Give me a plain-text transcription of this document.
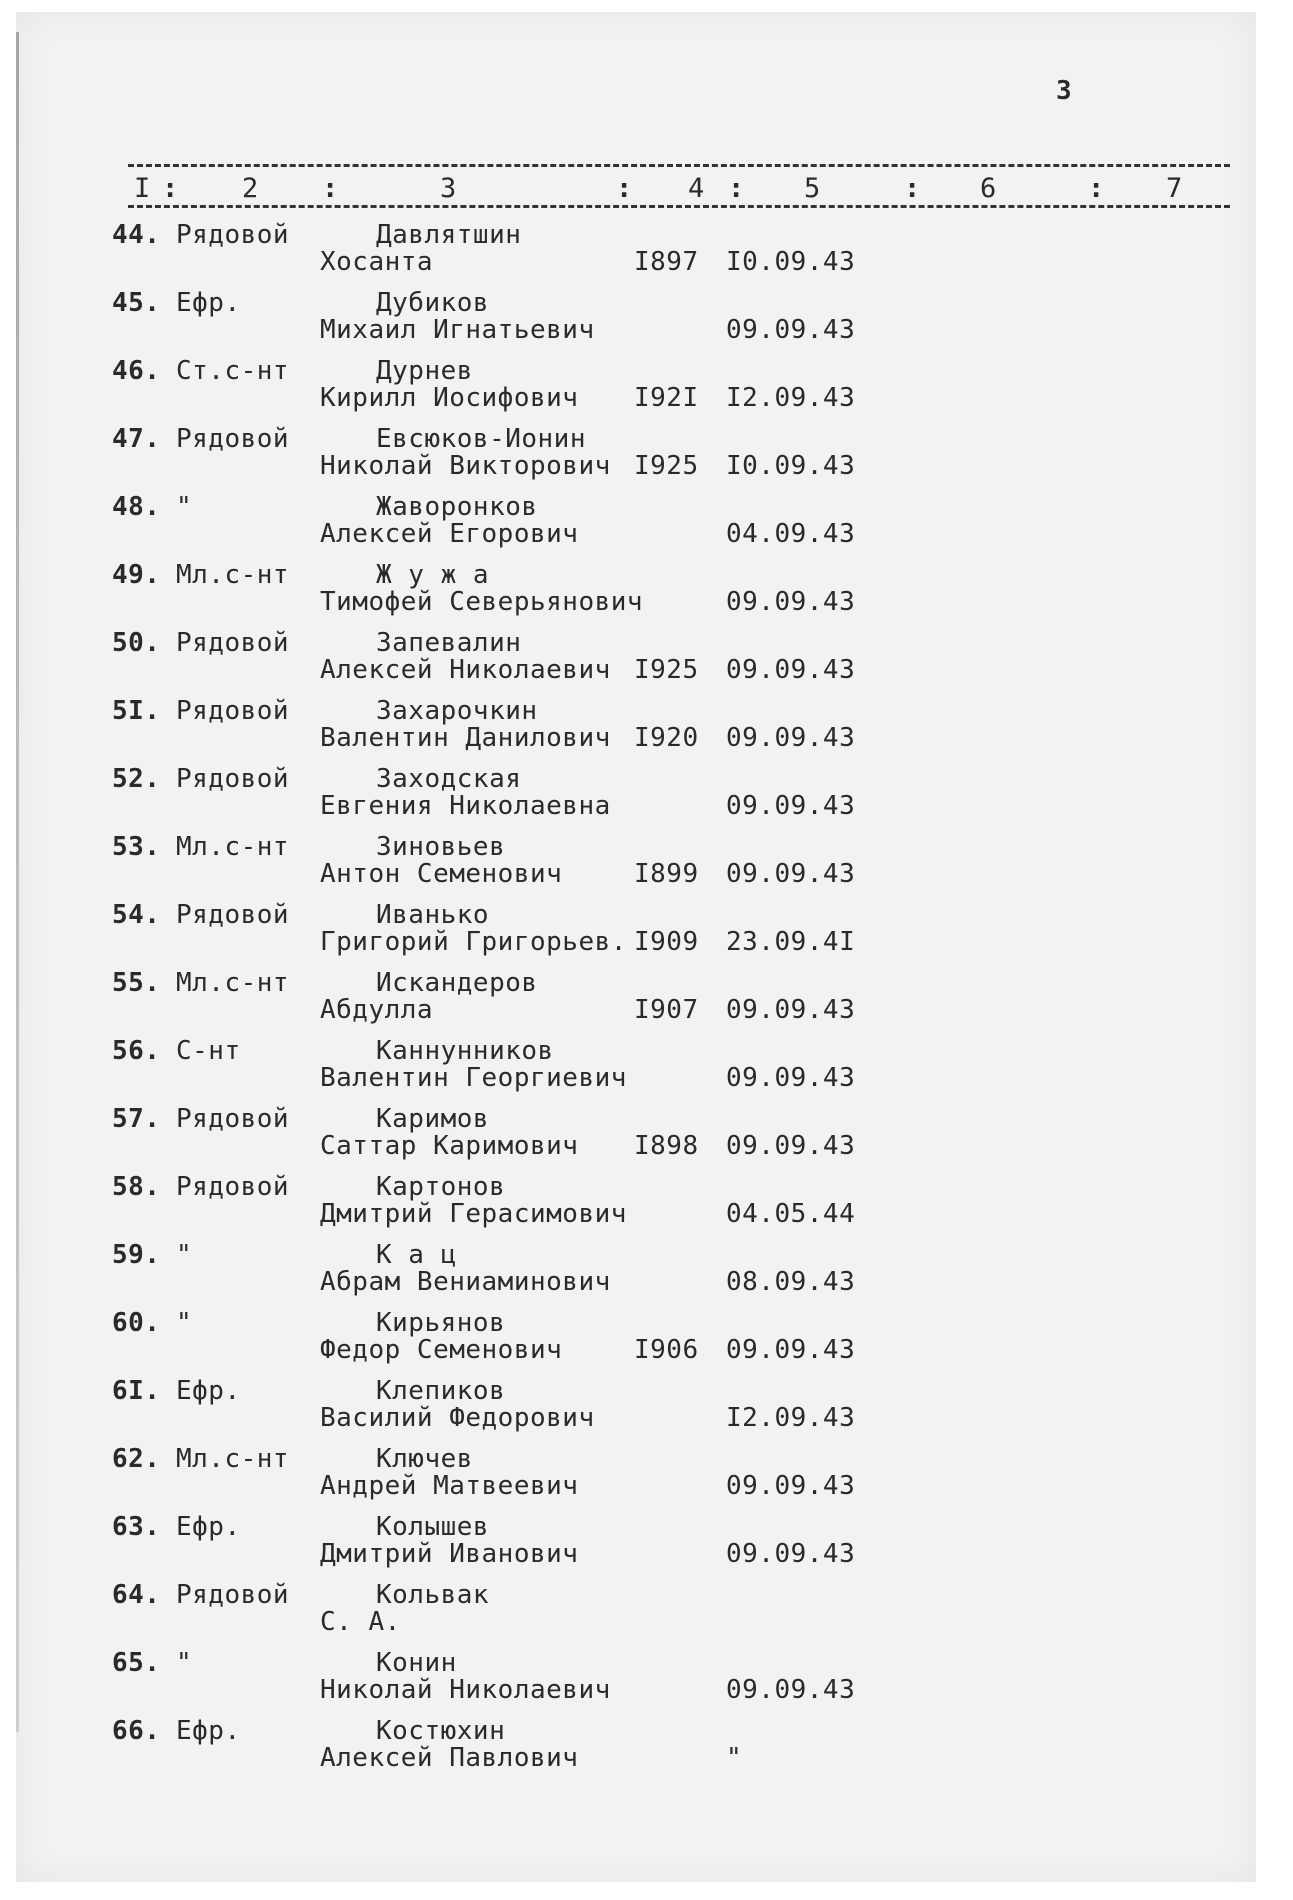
3
I : 2 :	3	: 4 : 5	: 6	: 7
44. Рядовой	Давлятшин
Хосанта	I897 I0.09.43
45. Ефр.	Дубиков
Михаил Игнатьевич	09.09.43
46. Ст.с-нт	Дурнев
Кирилл Иосифович I92I I2.09.43
47. Рядовой	Евсюков-Ионин
Николай Викторович I925 I0.09.43
48. "	Жаворонков
Алексей Егорович	04.09.43
49. Мл.с-нт	Ж у ж а
Тимофей Северьянович	09.09.43
50. Рядовой	Запевалин
Алексей Николаевич I925 09.09.43
5I. Рядовой	Захарочкин
Валентин Данилович I920 09.09.43
52. Рядовой	Заходская
Евгения Николаевна	09.09.43
53. Мл.с-нт	Зиновьев
Антон Семенович	I899 09.09.43
54. Рядовой	Иванько
Григорий Григорьев. I909 23.09.4I
55. Мл.с-нт	Искандеров
Абдулла	I907 09.09.43
56. С-нт	Каннунников
Валентин Георгиевич	09.09.43
57. Рядовой	Каримов
Саттар Каримович I898 09.09.43
58. Рядовой	Картонов
Дмитрий Герасимович	04.05.44
59. "	К а ц
Абрам Вениаминович	08.09.43
60. "	Кирьянов
Федор Семенович	I906 09.09.43
6I. Ефр.	Клепиков
Василий Федорович	I2.09.43
62. Мл.с-нт	Ключев
Андрей Матвеевич	09.09.43
63. Ефр.	Колышев
Дмитрий Иванович	09.09.43
64. Рядовой	Кольвак
С. А.
65. "	Конин
Николай Николаевич	09.09.43
66. Ефр.	Костюхин
Алексей Павлович	"
